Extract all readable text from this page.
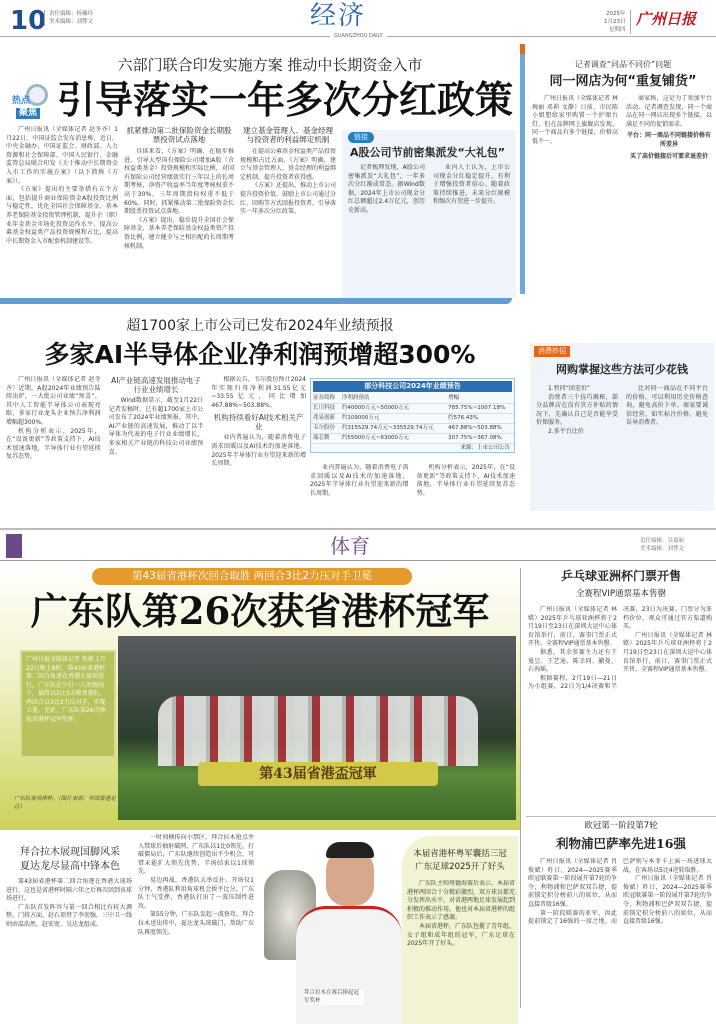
10 责任编辑：杨楠玲
美术编辑：刘棼文	经济
GUANGZHOU DAILY
2025年
1月23日
星期四
广州日报
六部门联合印发实施方案 推动中长期资金入市
热点
聚焦 引导落实一年多次分红政策

广州日报讯（全媒体记者 赵冬齐）1月22日，中国证监会发布消息称，近日，中央金融办、中国证监会、财政部、人力资源和社会保障部、中国人民银行、金融监管总局联合印发《关于推动中长期资金入市工作的实施方案》（以下简称《方案》）。

《方案》提出的主要举措有五个方面，包括提升商业保险资金A股投资比例与稳定性，优化全国社会保障基金、基本养老保险基金投资管理机制，提升企（职）业年金基金市场化投资运作水平，提高公募基金权益类产品投资规模和占比，提高中长期资金入市配套机制建设等。

抓紧推动第二批保险资金长期股票投资试点落地

具体来看，《方案》明确，在稳步推进、引导大型国有保险公司增加A股（含权益类基金）投资规模和实际比例，对国有保险公司经营绩效实行三年以上的长周期考核，净资产收益率当年度考核权重不高于30%，三年周期指标权重不低于60%。同时，抓紧推动第二批保险资金长期股票投资试点落地。

《方案》提出，稳步提升全国社会保障基金、基本养老保险基金权益类资产投资比例，建立健全与之相匹配的长周期考核机制。

建立基金管理人、基金经理与投资者的利益绑定机制

在提高公募基金权益类产品投资规模和占比方面，《方案》明确，建立与基金管理人、基金经理的利益绑定机制，提升投资者获得感。

《方案》还提出，推动上市公司提升投资价值，鼓励上市公司通过分红、回购等方式回报投资者，引导落实一年多次分红政策。

链接
A股公司节前密集派发“大礼包”

记者梳理发现，A股公司密集派发“大礼包”，一年多次分红渐成常态。据Wind数据，2024年上市公司现金分红总额超过2.4万亿元，创历史新高。

业内人士认为，上市公司现金分红稳定提升，有利于增强投资者信心。随着政策持续推进，未来分红规模和频次有望进一步提升。

记者调查“同品不同价”问题
同一网店为何“重复铺货”

广州日报讯（全媒体记者 林琬丽 邓莉 文静）日前，市民陈小姐想给家里购置一个护眼台灯，但在品牌网上旗舰店发现，同一个商品有多个链接，价格高低不一。

商家称，这是为了参加平台活动。记者调查发现，同一个商品在同一网店出现多个链接，以满足不同的促销需求。

平台：同一商品不同链接价格有所差异

买了高价链接后可要求退差价

消费妙招
网购掌握这些方法可少花钱

1.暂同“团差价”

消费者三个技巧揭秘，部分品牌店在没有官方补贴的情况下，先确认自己是否能享受价保服务。

2.多平台比价

比对同一商品在不同平台的价格，可以利用历史价格查询，避免高价下单。商家要诚信经营，如实标注价格，避免误导消费者。

超1700家上市公司已发布2024年业绩预报
多家AI半导体企业净利润预增超300%

广州日报讯（全媒体记者 赵冬齐）近期，A股2024年业绩预告陆续出炉，一大批公司业绩“预喜”。其中人工智能半导体公司表现亮眼，多家行业龙头企业预告净利润增幅超300%。

机构分析表示，2025年，在“设备更新”等政策支持下，AI技术加速落地，半导体行业有望延续复苏态势。

AI产业链高速发展推动电子行业业绩增长

Wind数据显示，截至1月22日记者发稿时，已有超1700家上市公司发布了2024年业绩预报。其中，AI产业链的高速发展，推动了以半导体为代表的电子行业业绩增长，多家相关产业链的科技公司业绩预喜。

根据公告，韦尔股份预计2024年实现归母净利润31.55亿元~33.55亿元，同比增加467.88%~503.88%。

机构持续看好AI技术相关产业

业内普遍认为，随着消费电子需求回暖以及AI技术的加速落地，2025年半导体行业有望迎来新的增长周期。

部分科技公司2024年业绩预告
证券简称	净利润预估	增幅
长川科技	约40000万元~50000万元	785.75%~1007.18%
兆易创新	约109000万元	约576.43%
韦尔股份	约315529.74万元~335529.74万元	467.88%~503.88%
瑞芯微	约55000万元~63000万元	307.75%~367.08%
来源：上市公司公告

业内普遍认为，随着消费电子需求回暖以及AI技术的加速落地，2025年半导体行业有望迎来新的增长周期。

机构分析表示，2025年，在“设备更新”等政策支持下，AI技术加速落地，半导体行业有望延续复苏态势。

体育	责任编辑：吴嘉丽
美术编辑：刘棼文
第43届省港杯次回合取胜 两回合3比2力压对手卫冕
广东队第26次获省港杯冠军
广州日报全媒体记者 张栋 1月22日晚上8时，第43届省港杯第二回合角逐在香港大球场进行。广东队在少打一人的情况下，最终以2比1击败香港队，两回合以3比2力压对手，实现卫冕。至此，广东队第26次捧起省港杯冠军奖杯。
广东队客场捧杯。（图片来源：中国香港足总）
第43届省港盃冠軍
拜合拉木展现国脚风采
夏达龙尽显高中锋本色

第43届省港杯第二回合角逐在香港大球场进行，这也是省港杯时隔六年之后再次回到该球场进行。

广东队首发阵容与第一回合相比有较大调整。门将方面，赵石顶替了李宏强，三中卫一线则由温浩然、赵宏宽、吴达龙组成。

一时间横传向小禁区，拜合拉木抢点并入禁球后抽射破网，广东队以1比0领先。打破僵局后，广东队继续创造出不少机会，可惜未能扩大领先优势，半场结束以1球领先。

易边再战，香港队大举反扑。开场仅1分钟，香港队利用角球机会扳平比分，广东队士气受挫，香港队打出了一波压制性进攻。

第55分钟，广东队发起一波快攻，拜合拉木送出传中，夏达龙头球破门，帮助广东队再度领先。

拜合拉木在赛后捧起冠军奖杯
本届省港杯粤军囊括三冠
广东足球2025开了好头

广东队主帅周德海赛后表示，本届省港杯两回合十分精彩激烈，双方球员都充分发挥出水平，对省港两地足球发展起到积极的推动作用。他也对本届省港杯的组织工作表示了感谢。

本届省港杯，广东队包揽了青年组、女子组和成年组的冠军，广东足球在2025年开了好头。

乒乓球亚洲杯门票开售
全赛程VIP通票基本售罄

广州日报讯（全媒体记者 林嫦）2025年乒乓球亚洲杯将于2月19日至23日在深圳大运中心体育馆举行，前日，赛事门票正式开售。全赛程VIP通票基本售罄。

据悉，其余参赛主力还有王曼昱、王艺迪、陈幸同、蒯曼、石洵瑶。

根据赛程，2月19日—21日为小组赛，22日为1/4决赛和半决赛，23日为决赛。门票分为多档价位，观众可通过官方渠道购买。

广州日报讯（全媒体记者 林嫦）2025年乒乓球亚洲杯将于2月19日至23日在深圳大运中心体育馆举行，前日，赛事门票正式开售。全赛程VIP通票基本售罄。

欧冠第一阶段第7轮
利物浦巴萨率先进16强

广州日报讯（全媒体记者 肖俊斌）昨日，2024—2025赛季欧冠联赛第一阶段展开第7轮的争夺，利物浦和巴萨双双告捷，提前锁定积分榜前八的席位，从而直接晋级16强。

第一阶段联赛的亚军，因此提前锁定了16强的一席之地。而巴萨则与本菲卡上演一场进球大战，在客场以5比4逆转取胜。

广州日报讯（全媒体记者 肖俊斌）昨日，2024—2025赛季欧冠联赛第一阶段展开第7轮的争夺，利物浦和巴萨双双告捷，提前锁定积分榜前八的席位，从而直接晋级16强。
